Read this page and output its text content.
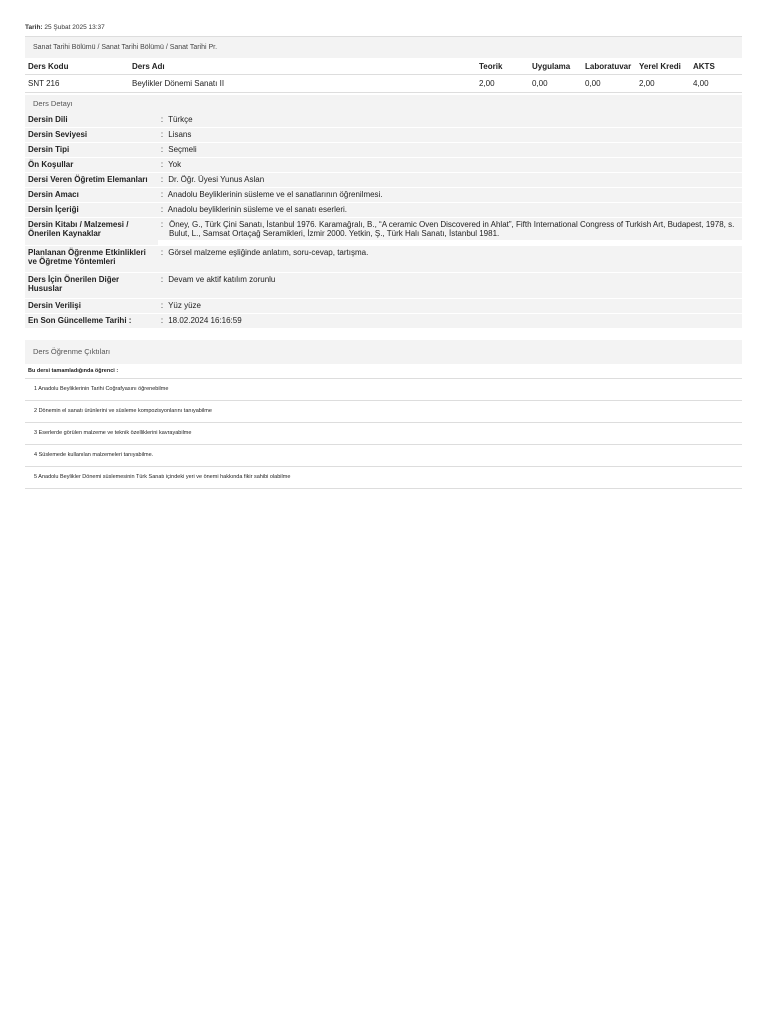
Tarih: 25 Şubat 2025 13:37
Sanat Tarihi Bölümü / Sanat Tarihi Bölümü / Sanat Tarihi Pr.
Ders Kodu	Ders Adı	Teorik	Uygulama	Laboratuvar	Yerel Kredi	AKTS
SNT 216	Beylikler Dönemi Sanatı II	2,00	0,00	0,00	2,00	4,00
Ders Detayı
Dersin Dili	: Türkçe
Dersin Seviyesi	: Lisans
Dersin Tipi	: Seçmeli
Ön Koşullar	: Yok
Dersi Veren Öğretim Elemanları	: Dr. Öğr. Üyesi Yunus Aslan
Dersin Amacı	: Anadolu Beyliklerinin süsleme ve el sanatlarının öğrenilmesi.
Dersin İçeriği	: Anadolu beyliklerinin süsleme ve el sanatı eserleri.
Dersin Kitabı / Malzemesi / Önerilen Kaynaklar	
: Öney, G., Türk Çini Sanatı, İstanbul 1976. Karamağralı, B., “A ceramic Oven Discovered in Ahlat”, Fifth International Congress of Turkish Art, Budapest, 1978, s. Bulut, L., Samsat Ortaçağ Seramikleri, İzmir 2000. Yetkin, Ş., Türk Halı Sanatı, İstanbul 1981.

Planlanan Öğrenme Etkinlikleri ve Öğretme Yöntemleri	: Görsel malzeme eşliğinde anlatım, soru-cevap, tartışma.
Ders İçin Önerilen Diğer Hususlar	: Devam ve aktif katılım zorunlu
Dersin Verilişi	: Yüz yüze
En Son Güncelleme Tarihi :	: 18.02.2024 16:16:59
Ders Öğrenme Çıktıları
Bu dersi tamamladığında öğrenci :
1 Anadolu Beyliklerinin Tarihi Coğrafyasını öğrenebilme
2 Dönemin el sanatı ürünlerini ve süsleme kompozisyonlarını tanıyabilme
3 Eserlerde görülen malzeme ve teknik özelliklerini kavrayabilme
4 Süslemede kullanılan malzemeleri tanıyabilme.
5 Anadolu Beylikler Dönemi süslemesinin Türk Sanatı içindeki yeri ve önemi hakkında fikir sahibi olabilme
